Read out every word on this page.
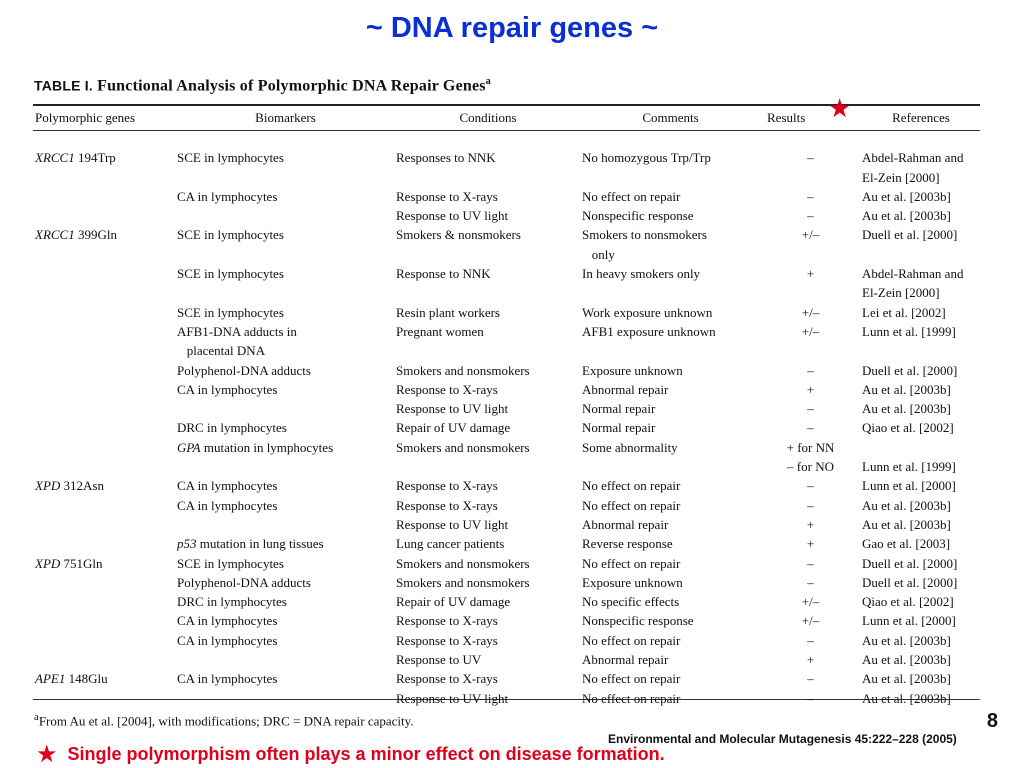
~ DNA repair genes ~
TABLE I. Functional Analysis of Polymorphic DNA Repair Genes$^a$
★
Polymorphic genes	Biomarkers	Conditions	Comments	Results	References

XRCC1 194Trp	SCE in lymphocytes	Responses to NNK	No homozygous Trp/Trp	–	Abdel-Rahman and
					El-Zein [2000]
	CA in lymphocytes	Response to X-rays	No effect on repair	–	Au et al. [2003b]
		Response to UV light	Nonspecific response	–	Au et al. [2003b]
XRCC1 399Gln	SCE in lymphocytes	Smokers & nonsmokers	Smokers to nonsmokers	+/–	Duell et al. [2000]
			only		
	SCE in lymphocytes	Response to NNK	In heavy smokers only	+	Abdel-Rahman and
					El-Zein [2000]
	SCE in lymphocytes	Resin plant workers	Work exposure unknown	+/–	Lei et al. [2002]
	AFB1-DNA adducts in	Pregnant women	AFB1 exposure unknown	+/–	Lunn et al. [1999]
	placental DNA				
	Polyphenol-DNA adducts	Smokers and nonsmokers	Exposure unknown	–	Duell et al. [2000]
	CA in lymphocytes	Response to X-rays	Abnormal repair	+	Au et al. [2003b]
		Response to UV light	Normal repair	–	Au et al. [2003b]
	DRC in lymphocytes	Repair of UV damage	Normal repair	–	Qiao et al. [2002]
	GPA mutation in lymphocytes	Smokers and nonsmokers	Some abnormality	+ for NN	
				– for NO	Lunn et al. [1999]
XPD 312Asn	CA in lymphocytes	Response to X-rays	No effect on repair	–	Lunn et al. [2000]
	CA in lymphocytes	Response to X-rays	No effect on repair	–	Au et al. [2003b]
		Response to UV light	Abnormal repair	+	Au et al. [2003b]
	p53 mutation in lung tissues	Lung cancer patients	Reverse response	+	Gao et al. [2003]
XPD 751Gln	SCE in lymphocytes	Smokers and nonsmokers	No effect on repair	–	Duell et al. [2000]
	Polyphenol-DNA adducts	Smokers and nonsmokers	Exposure unknown	–	Duell et al. [2000]
	DRC in lymphocytes	Repair of UV damage	No specific effects	+/–	Qiao et al. [2002]
	CA in lymphocytes	Response to X-rays	Nonspecific response	+/–	Lunn et al. [2000]
	CA in lymphocytes	Response to X-rays	No effect on repair	–	Au et al. [2003b]
		Response to UV	Abnormal repair	+	Au et al. [2003b]
APE1 148Glu	CA in lymphocytes	Response to X-rays	No effect on repair	–	Au et al. [2003b]
		Response to UV light	No effect on repair	–	Au et al. [2003b]
$^a$From Au et al. [2004], with modifications; DRC = DNA repair capacity.	8
Environmental and Molecular Mutagenesis 45:222–228 (2005)
★ Single polymorphism often plays a minor effect on disease formation.
